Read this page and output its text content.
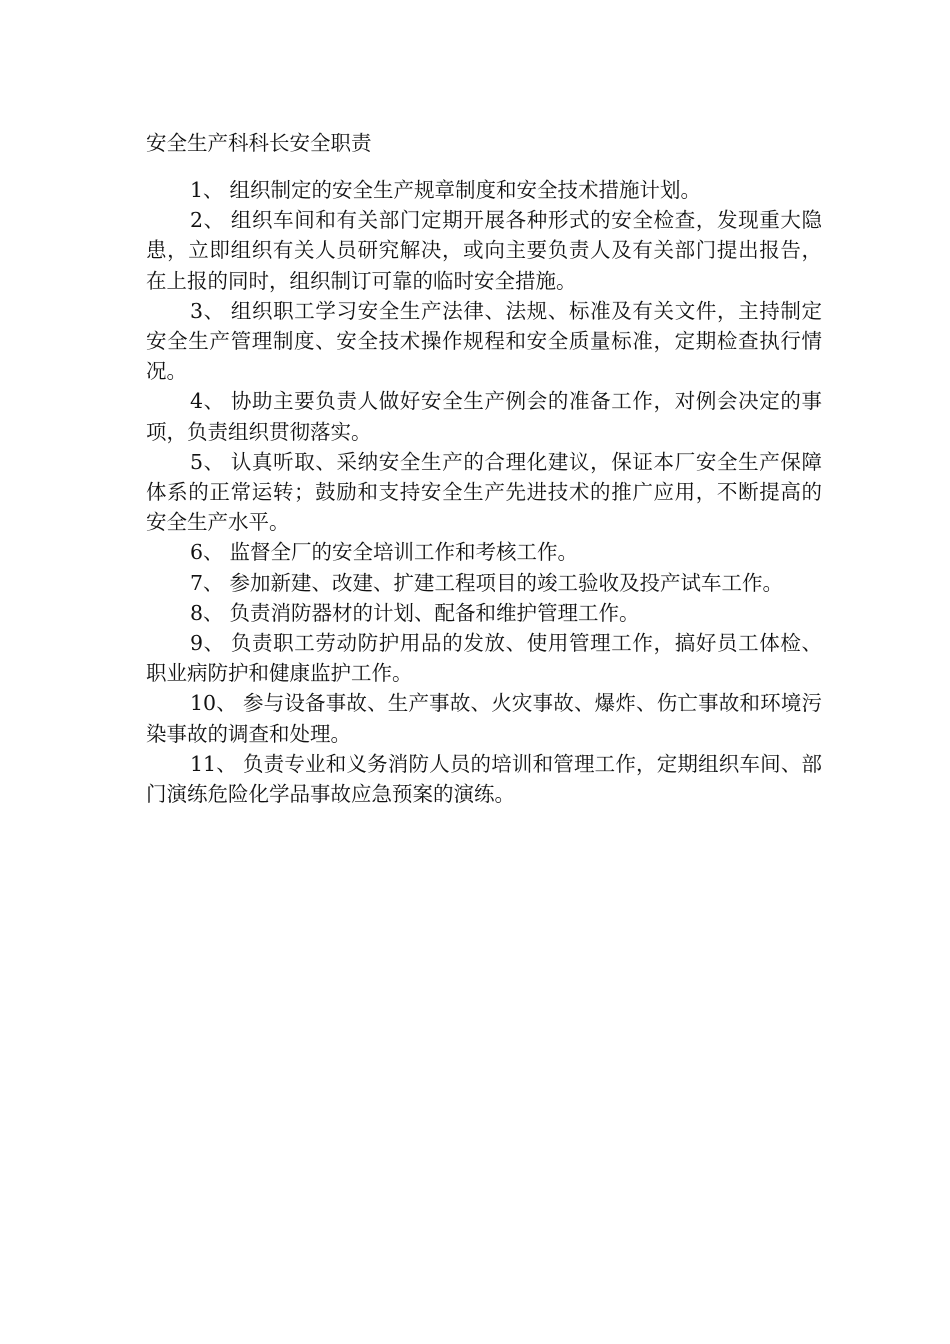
安全生产科科长安全职责

1、 组织制定的安全生产规章制度和安全技术措施计划。

2、 组织车间和有关部门定期开展各种形式的安全检查，发现重大隐患，立即组织有关人员研究解决，或向主要负责人及有关部门提出报告，在上报的同时，组织制订可靠的临时安全措施。

3、 组织职工学习安全生产法律、法规、标准及有关文件，主持制定安全生产管理制度、安全技术操作规程和安全质量标准，定期检查执行情况。

4、 协助主要负责人做好安全生产例会的准备工作，对例会决定的事项，负责组织贯彻落实。

5、 认真听取、采纳安全生产的合理化建议，保证本厂安全生产保障体系的正常运转；鼓励和支持安全生产先进技术的推广应用，不断提高的安全生产水平。

6、 监督全厂的安全培训工作和考核工作。

7、 参加新建、改建、扩建工程项目的竣工验收及投产试车工作。

8、 负责消防器材的计划、配备和维护管理工作。

9、 负责职工劳动防护用品的发放、使用管理工作，搞好员工体检、职业病防护和健康监护工作。

10、 参与设备事故、生产事故、火灾事故、爆炸、伤亡事故和环境污染事故的调查和处理。

11、 负责专业和义务消防人员的培训和管理工作，定期组织车间、部门演练危险化学品事故应急预案的演练。
